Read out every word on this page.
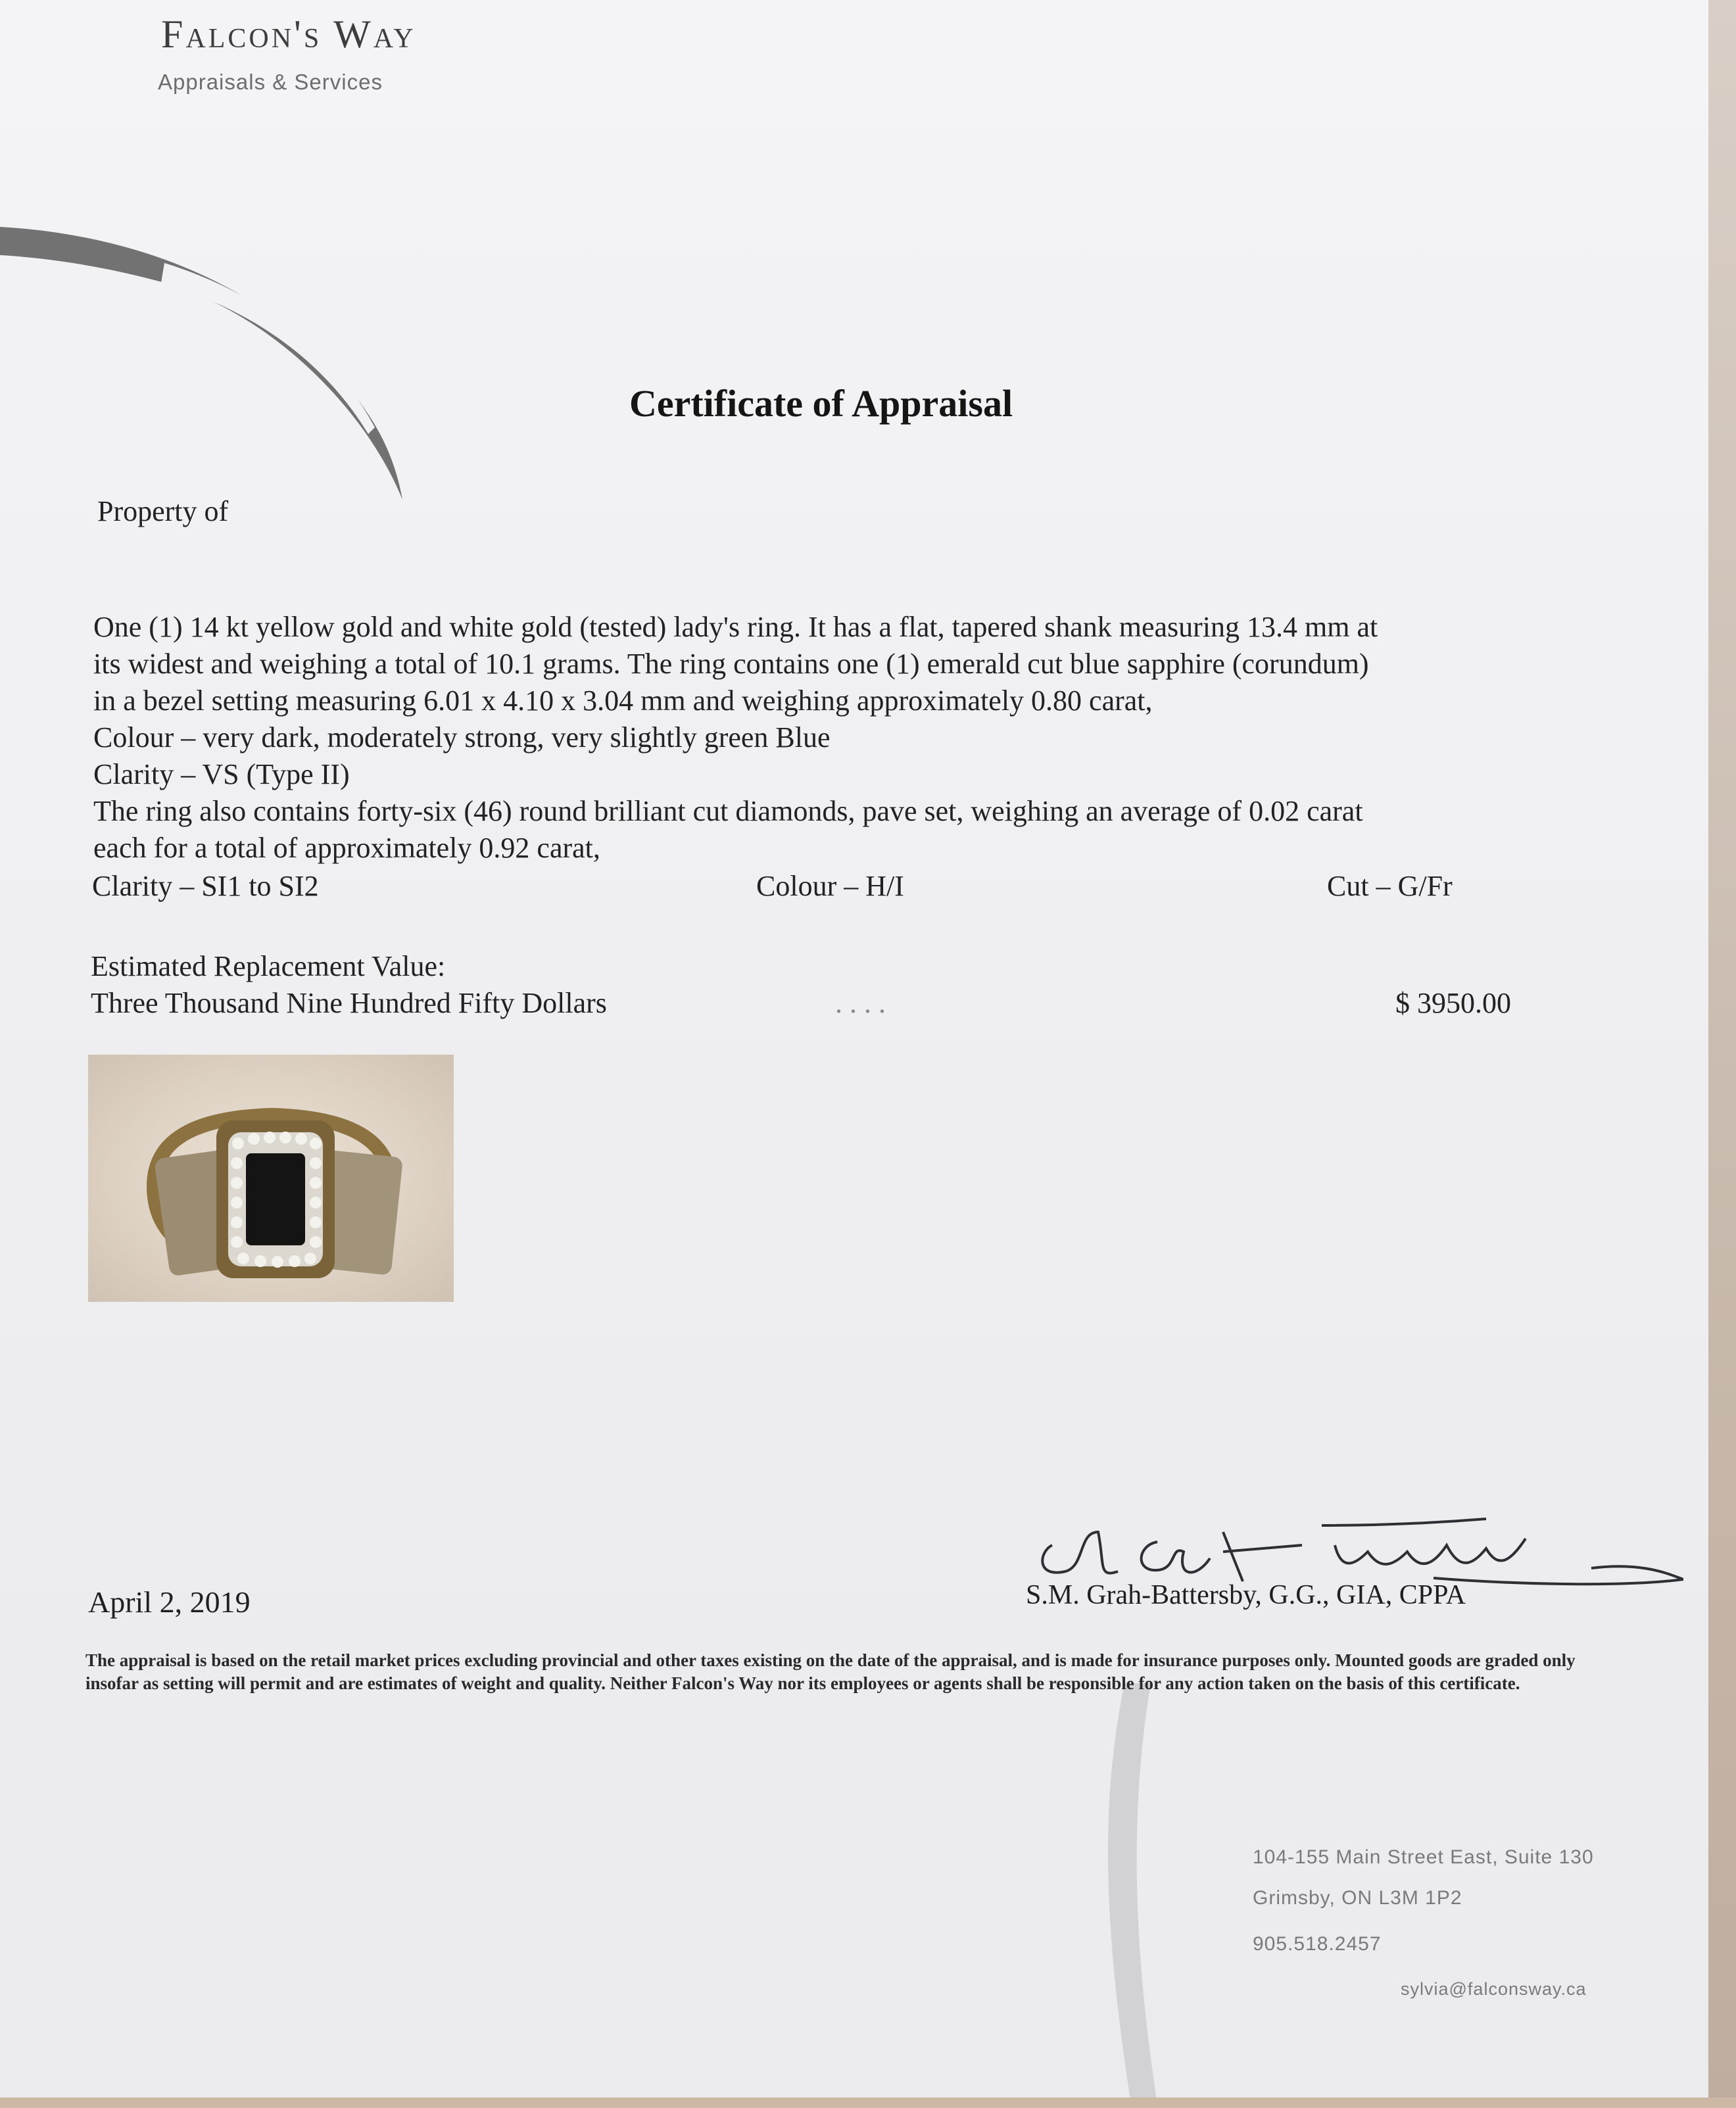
Falcon's Way
Appraisals & Services
Certificate of Appraisal
Property of
One (1) 14 kt yellow gold and white gold (tested) lady's ring. It has a flat, tapered shank measuring 13.4 mm at
its widest and weighing a total of 10.1 grams. The ring contains one (1) emerald cut blue sapphire (corundum)
in a bezel setting measuring 6.01 x 4.10 x 3.04 mm and weighing approximately 0.80 carat,
Colour – very dark, moderately strong, very slightly green Blue
Clarity – VS (Type II)
The ring also contains forty-six (46) round brilliant cut diamonds, pave set, weighing an average of 0.02 carat
each for a total of approximately 0.92 carat,
Clarity – SI1 to SI2	Colour – H/I	Cut – G/Fr
Estimated Replacement Value:
Three Thousand Nine Hundred Fifty Dollars	. . . .	$ 3950.00
April 2, 2019	S.M. Grah-Battersby, G.G., GIA, CPPA
The appraisal is based on the retail market prices excluding provincial and other taxes existing on the date of the appraisal, and is made for insurance purposes only. Mounted goods are graded only insofar as setting will permit and are estimates of weight and quality. Neither Falcon's Way nor its employees or agents shall be responsible for any action taken on the basis of this certificate.
104-155 Main Street East, Suite 130
Grimsby, ON L3M 1P2
905.518.2457
sylvia@falconsway.ca
